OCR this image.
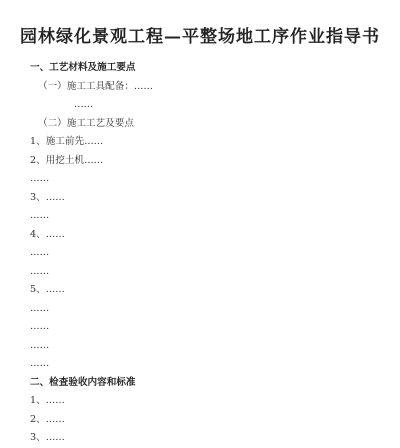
园林绿化景观工程—平整场地工序作业指导书
一、工艺材料及施工要点
（一）施工工具配备：……
……
（二）施工工艺及要点
1、施工前先……
2、用挖土机……
……
3、……
……
4、……
……
……
5、……
……
……
……
……
二、检查验收内容和标准
1、……
2、……
3、……
